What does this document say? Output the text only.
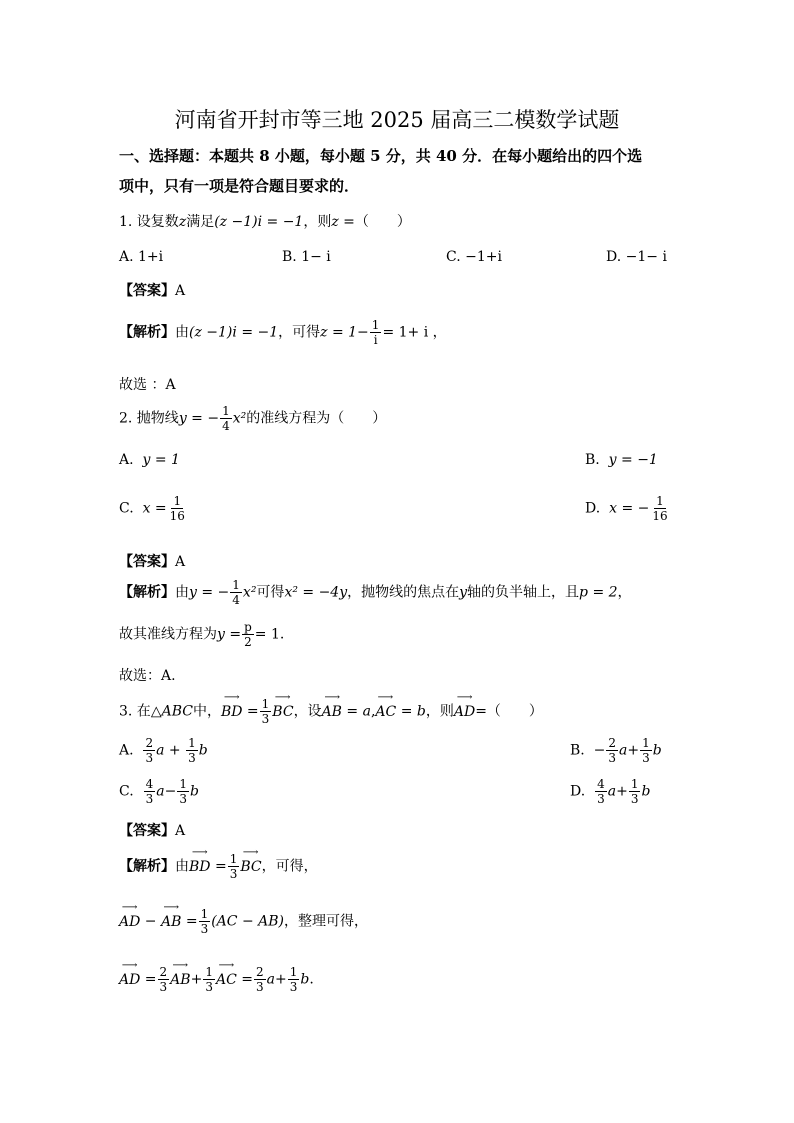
河南省开封市等三地 2025 届高三二模数学试题
一、选择题：本题共 8 小题，每小题 5 分，共 40 分．在每小题给出的四个选
项中，只有一项是符合题目要求的．
1. 设复数z满足(z −1)i = −1，则z =（　　）
A. 1+i	B. 1− i	C. −1+i	D. −1− i
【答案】A
【解析】由(z −1)i = −1，可得$z = 1- \frac{1}{i} = 1+ i$ ，
故选 ：A
2. 抛物线y = − $\frac{1}{4} x^2$的准线方程为（　　）
A. y = 1	B. y = −1
C. $x = \frac{1}{16}$	D. x = − $\frac{1}{16}$
【答案】A
【解析】由y = − $\frac{1}{4} x^2$可得x² = −4y，抛物线的焦点在y轴的负半轴上，且p = 2，
故其准线方程为$y = \frac{p}{2} = 1$.
故选：A.
3. 在△ABC中，⟶ BD = $\frac{1}{3}$ ⟶ BC，设⟶ AB = a,⟶ AC = b，则⟶ AD=（　　）
A. $\frac{2}{3}$ $a + \frac{1}{3}$ b	B. − $\frac{2}{3} a+ \frac{1}{3}$ b
C. $\frac{4}{3} a- \frac{1}{3}$ b	D. $\frac{4}{3} a+ \frac{1}{3}$ b
【答案】A
【解析】由⟶ BD = $\frac{1}{3}$ ⟶ BC，可得，
⟶ AD − ⟶ AB = $\frac{1}{3} (AC - AB)$，整理可得，
⟶ AD = $\frac{2}{3}$ ⟶ $AB+ \frac{1}{3}$ ⟶ AC = $\frac{2}{3} a+ \frac{1}{3} b$.
